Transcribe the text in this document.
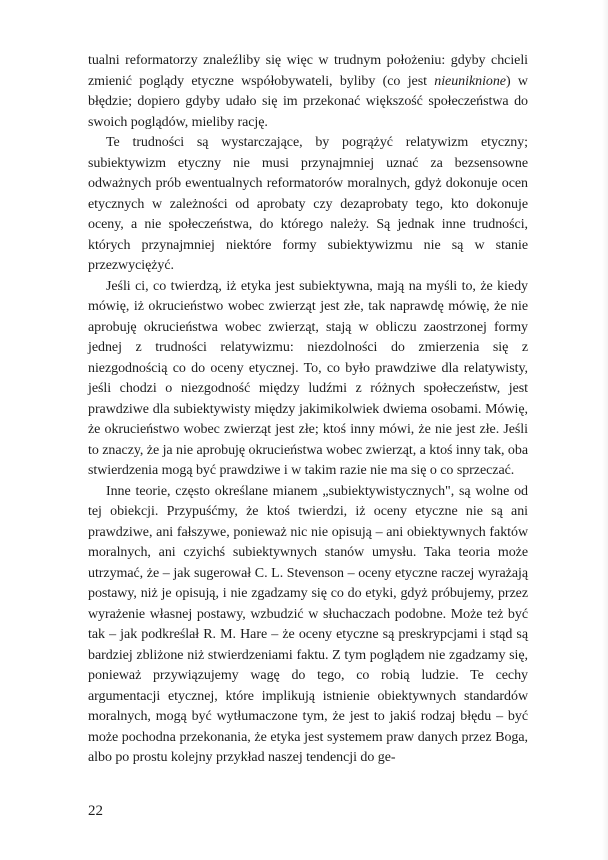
tualni reformatorzy znaleźliby się więc w trudnym położeniu: gdyby chcieli zmienić poglądy etyczne współobywateli, byliby (co jest nieuniknione) w błędzie; dopiero gdyby udało się im przekonać większość społeczeństwa do swoich poglądów, mieliby rację.

Te trudności są wystarczające, by pogrążyć relatywizm etyczny; subiektywizm etyczny nie musi przynajmniej uznać za bezsensowne odważnych prób ewentualnych reformatorów moralnych, gdyż dokonuje ocen etycznych w zależności od aprobaty czy dezaprobaty tego, kto dokonuje oceny, a nie społeczeństwa, do którego należy. Są jednak inne trudności, których przynajmniej niektóre formy subiektywizmu nie są w stanie przezwyciężyć.

Jeśli ci, co twierdzą, iż etyka jest subiektywna, mają na myśli to, że kiedy mówię, iż okrucieństwo wobec zwierząt jest złe, tak naprawdę mówię, że nie aprobuję okrucieństwa wobec zwierząt, stają w obliczu zaostrzonej formy jednej z trudności relatywizmu: niezdolności do zmierzenia się z niezgodnością co do oceny etycznej. To, co było prawdziwe dla relatywisty, jeśli chodzi o niezgodność między ludźmi z różnych społeczeństw, jest prawdziwe dla subiektywisty między jakimikolwiek dwiema osobami. Mówię, że okrucieństwo wobec zwierząt jest złe; ktoś inny mówi, że nie jest złe. Jeśli to znaczy, że ja nie aprobuję okrucieństwa wobec zwierząt, a ktoś inny tak, oba stwierdzenia mogą być prawdziwe i w takim razie nie ma się o co sprzeczać.

Inne teorie, często określane mianem „subiektywistycznych", są wolne od tej obiekcji. Przypuśćmy, że ktoś twierdzi, iż oceny etyczne nie są ani prawdziwe, ani fałszywe, ponieważ nic nie opisują – ani obiektywnych faktów moralnych, ani czyichś subiektywnych stanów umysłu. Taka teoria może utrzymać, że – jak sugerował C. L. Stevenson – oceny etyczne raczej wyrażają postawy, niż je opisują, i nie zgadzamy się co do etyki, gdyż próbujemy, przez wyrażenie własnej postawy, wzbudzić w słuchaczach podobne. Może też być tak – jak podkreślał R. M. Hare – że oceny etyczne są preskrypcjami i stąd są bardziej zbliżone niż stwierdzeniami faktu. Z tym poglądem nie zgadzamy się, ponieważ przywiązujemy wagę do tego, co robią ludzie. Te cechy argumentacji etycznej, które implikują istnienie obiektywnych standardów moralnych, mogą być wytłumaczone tym, że jest to jakiś rodzaj błędu – być może pochodna przekonania, że etyka jest systemem praw danych przez Boga, albo po prostu kolejny przykład naszej tendencji do ge-

22
